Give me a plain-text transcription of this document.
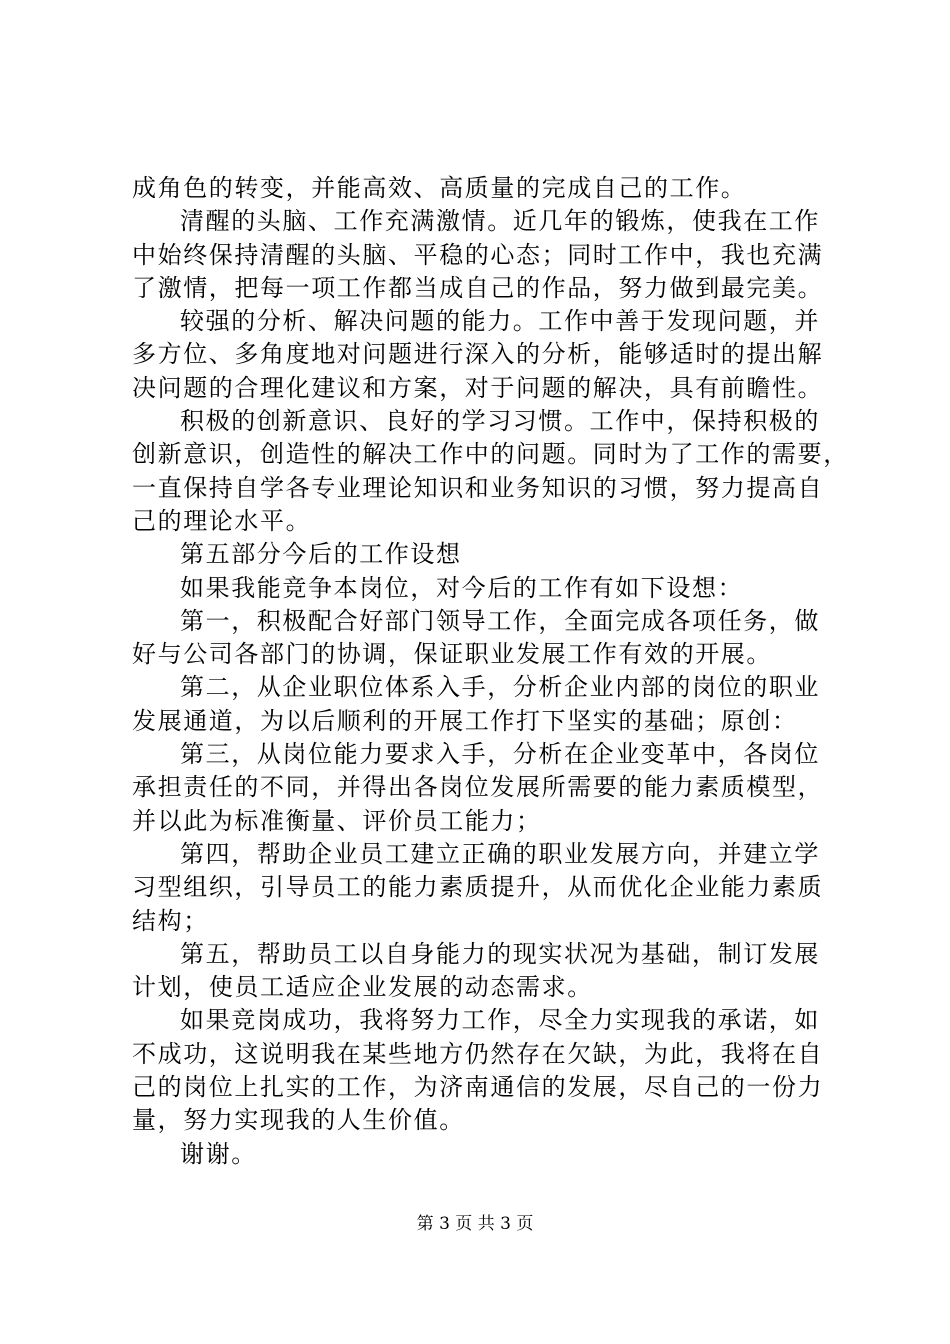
成角色的转变，并能高效、高质量的完成自己的工作。
清醒的头脑、工作充满激情。近几年的锻炼，使我在工作
中始终保持清醒的头脑、平稳的心态；同时工作中，我也充满
了激情，把每一项工作都当成自己的作品，努力做到最完美。
较强的分析、解决问题的能力。工作中善于发现问题，并
多方位、多角度地对问题进行深入的分析，能够适时的提出解
决问题的合理化建议和方案，对于问题的解决，具有前瞻性。
积极的创新意识、良好的学习习惯。工作中，保持积极的
创新意识，创造性的解决工作中的问题。同时为了工作的需要，
一直保持自学各专业理论知识和业务知识的习惯，努力提高自
己的理论水平。
第五部分今后的工作设想
如果我能竞争本岗位，对今后的工作有如下设想：
第一，积极配合好部门领导工作，全面完成各项任务，做
好与公司各部门的协调，保证职业发展工作有效的开展。
第二，从企业职位体系入手，分析企业内部的岗位的职业
发展通道，为以后顺利的开展工作打下坚实的基础；原创：
第三，从岗位能力要求入手，分析在企业变革中，各岗位
承担责任的不同，并得出各岗位发展所需要的能力素质模型，
并以此为标准衡量、评价员工能力；
第四，帮助企业员工建立正确的职业发展方向，并建立学
习型组织，引导员工的能力素质提升，从而优化企业能力素质
结构；
第五，帮助员工以自身能力的现实状况为基础，制订发展
计划，使员工适应企业发展的动态需求。
如果竞岗成功，我将努力工作，尽全力实现我的承诺，如
不成功，这说明我在某些地方仍然存在欠缺，为此，我将在自
己的岗位上扎实的工作，为济南通信的发展，尽自己的一份力
量，努力实现我的人生价值。
谢谢。
第 3 页 共 3 页
